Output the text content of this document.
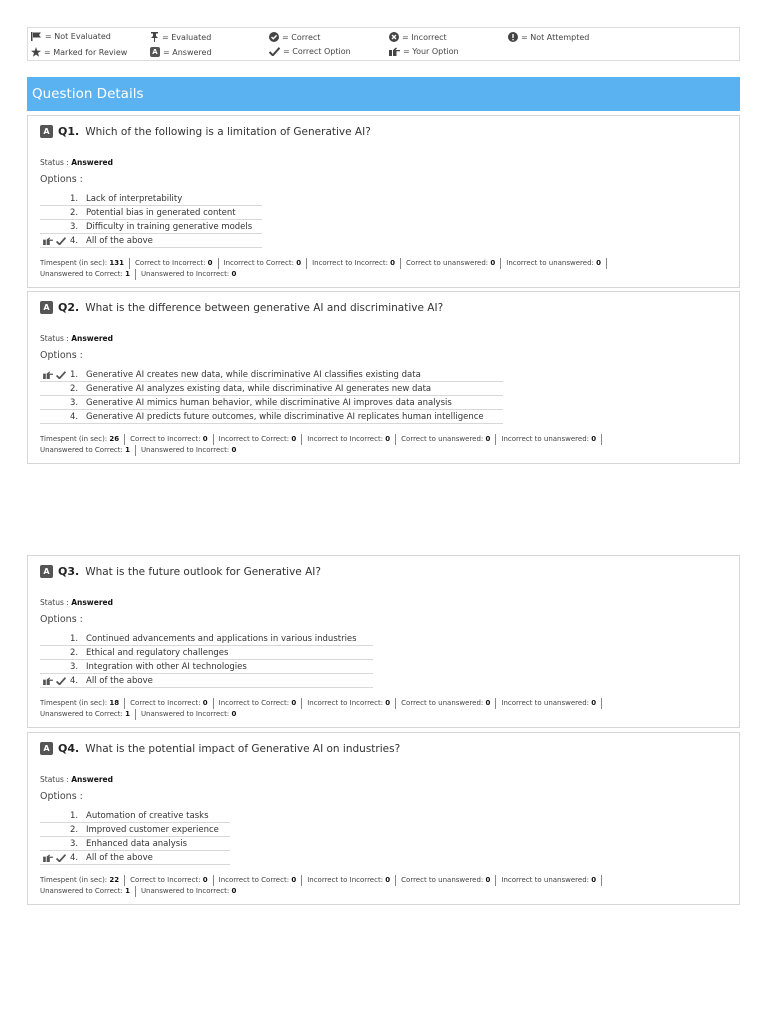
= Not Evaluated
= Marked for Review
= Evaluated
A = Answered
= Correct
= Correct Option
= Incorrect
= Your Option
= Not Attempted
Question Details
A Q1. Which of the following is a limitation of Generative AI?
Status : Answered
Options :
1. Lack of interpretability
2. Potential bias in generated content
3. Difficulty in training generative models
4. All of the above
Timespent (in sec): 131 Correct to Incorrect: 0 Incorrect to Correct: 0 Incorrect to Incorrect: 0 Correct to unanswered: 0 Incorrect to unanswered: 0
Unanswered to Correct: 1 Unanswered to Incorrect: 0
A Q2. What is the difference between generative AI and discriminative AI?
Status : Answered
Options :
1. Generative AI creates new data, while discriminative AI classifies existing data
2. Generative AI analyzes existing data, while discriminative AI generates new data
3. Generative AI mimics human behavior, while discriminative AI improves data analysis
4. Generative AI predicts future outcomes, while discriminative AI replicates human intelligence
Timespent (in sec): 26 Correct to Incorrect: 0 Incorrect to Correct: 0 Incorrect to Incorrect: 0 Correct to unanswered: 0 Incorrect to unanswered: 0
Unanswered to Correct: 1 Unanswered to Incorrect: 0
A Q3. What is the future outlook for Generative AI?
Status : Answered
Options :
1. Continued advancements and applications in various industries
2. Ethical and regulatory challenges
3. Integration with other AI technologies
4. All of the above
Timespent (in sec): 18 Correct to Incorrect: 0 Incorrect to Correct: 0 Incorrect to Incorrect: 0 Correct to unanswered: 0 Incorrect to unanswered: 0
Unanswered to Correct: 1 Unanswered to Incorrect: 0
A Q4. What is the potential impact of Generative AI on industries?
Status : Answered
Options :
1. Automation of creative tasks
2. Improved customer experience
3. Enhanced data analysis
4. All of the above
Timespent (in sec): 22 Correct to Incorrect: 0 Incorrect to Correct: 0 Incorrect to Incorrect: 0 Correct to unanswered: 0 Incorrect to unanswered: 0
Unanswered to Correct: 1 Unanswered to Incorrect: 0
